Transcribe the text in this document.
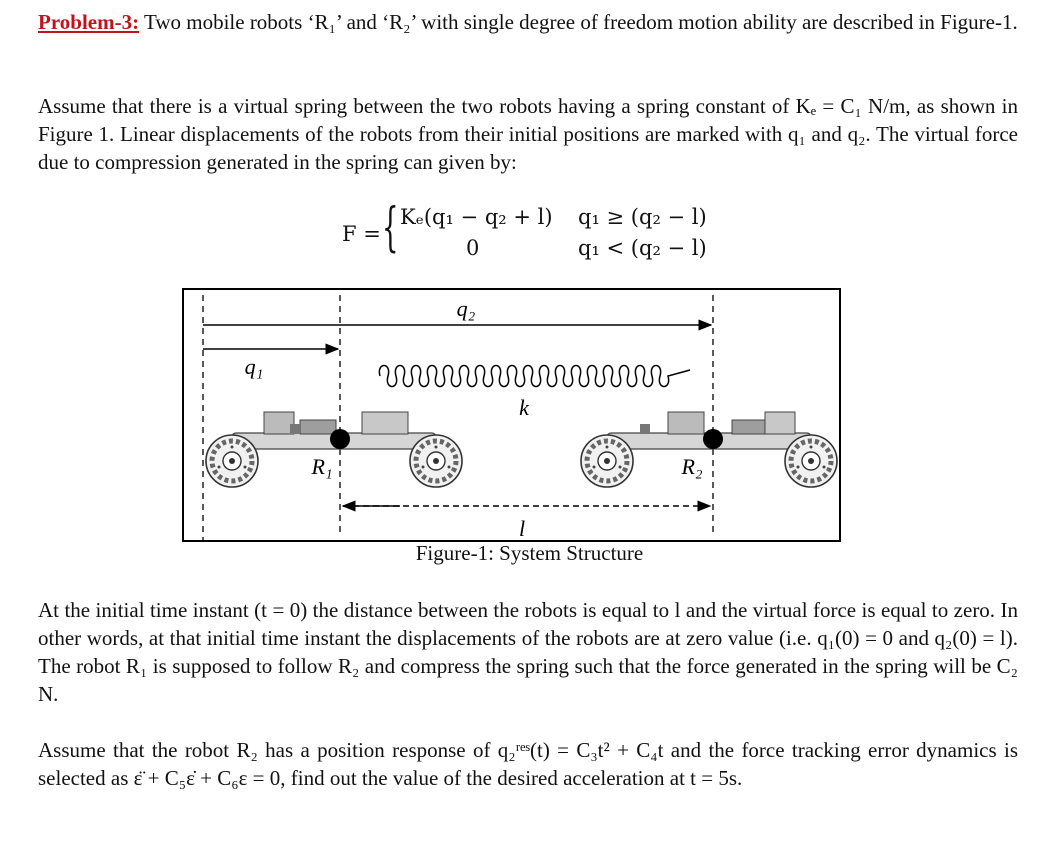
Problem-3: Two mobile robots ‘R₁’ and ‘R₂’ with single degree of freedom motion ability are described in Figure-1.
Assume that there is a virtual spring between the two robots having a spring constant of Kₑ = C₁ N/m, as shown in Figure 1. Linear displacements of the robots from their initial positions are marked with q₁ and q₂. The virtual force due to compression generated in the spring can given by:
F = { Kₑ(q₁ − q₂ + l)
0
q₁ ≥ (q₂ − l)
q₁ < (q₂ − l)
q₂
q₁
k
R₁	R₂
l
Figure-1: System Structure
At the initial time instant (t = 0) the distance between the robots is equal to l and the virtual force is equal to zero. In other words, at that initial time instant the displacements of the robots are at zero value (i.e. q₁(0) = 0 and q₂(0) = l). The robot R₁ is supposed to follow R₂ and compress the spring such that the force generated in the spring will be C₂ N.
Assume that the robot R₂ has a position response of q₂ʳᵉˢ(t) = C₃t² + C₄t and the force tracking error dynamics is selected as ε̈ + C₅ε̇ + C₆ε = 0, find out the value of the desired acceleration at t = 5s.
